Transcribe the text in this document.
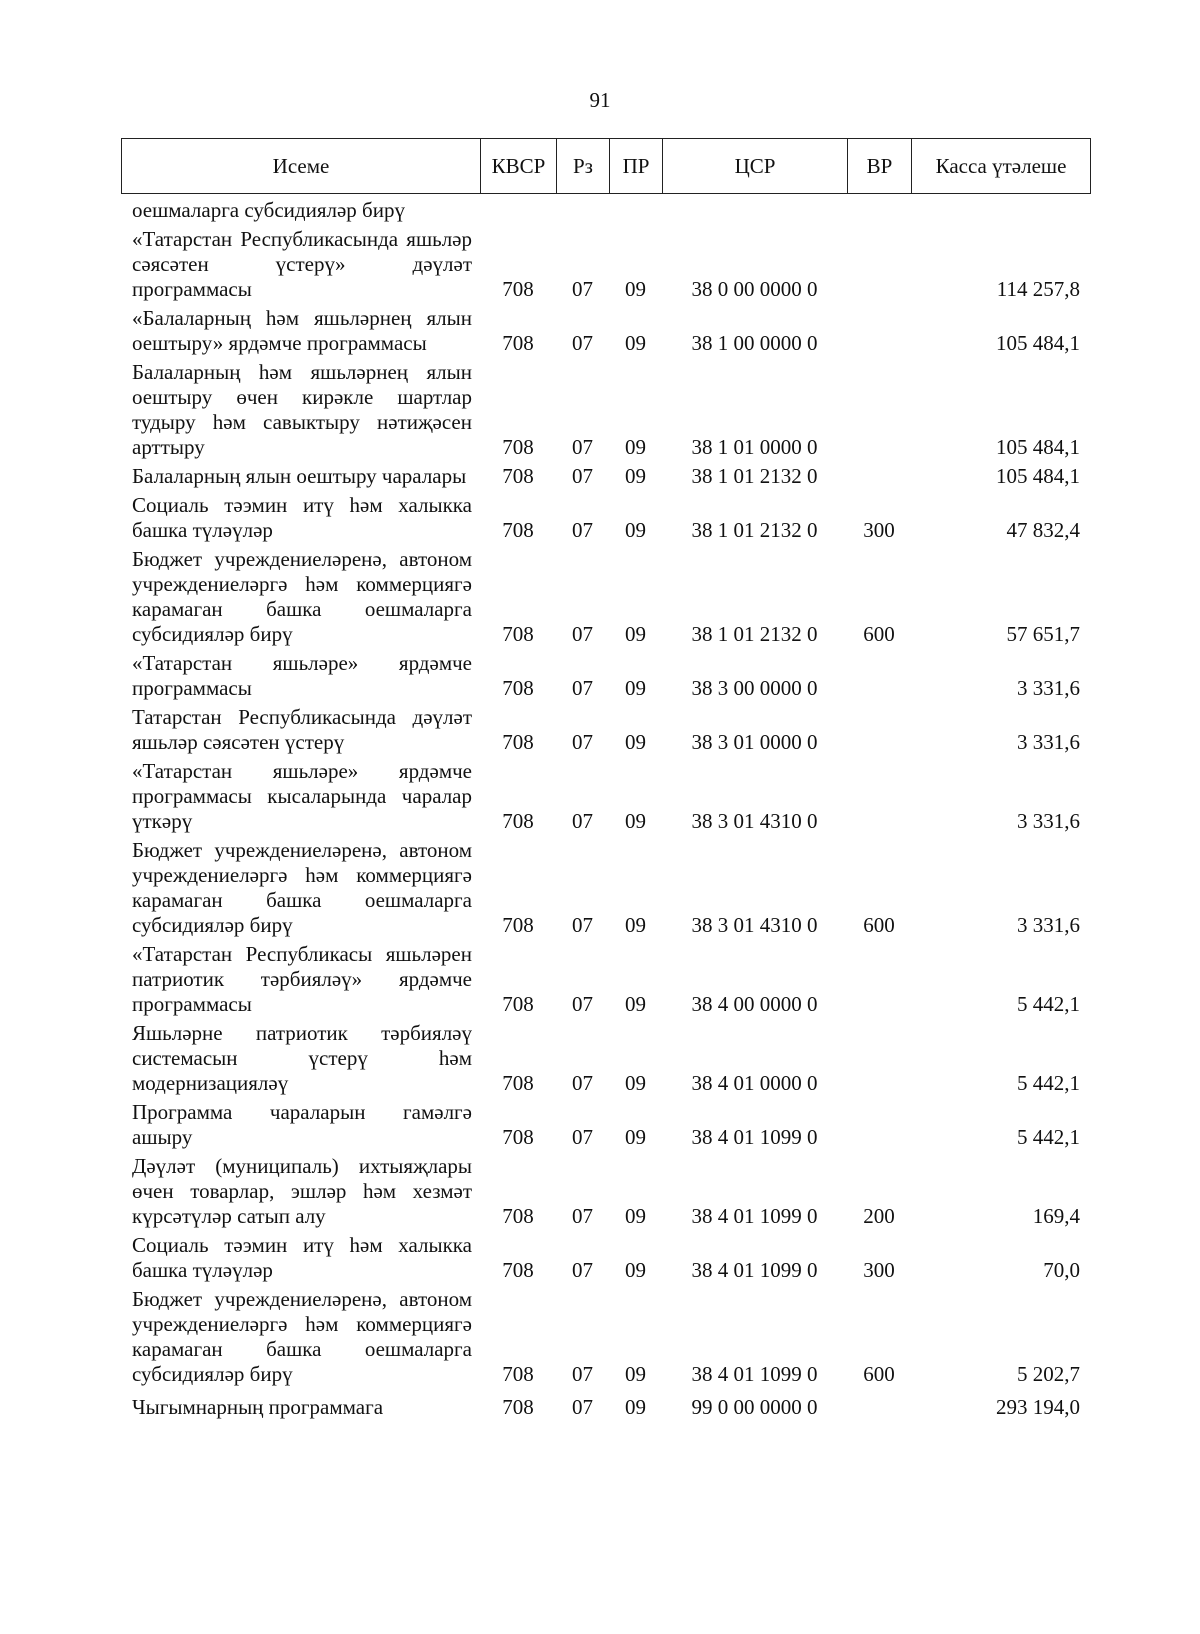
91
Исеме	КВСР	Рз	ПР	ЦСР	ВР	Касса үтәлеше
оешмаларга субсидияләр бирү						
«Татарстан Республикасында яшьләр сәясәтен үстерү» дәүләт программасы	708	07	09	38 0 00 0000 0		114 257,8
«Балаларның һәм яшьләрнең ялын оештыру» ярдәмче программасы	708	07	09	38 1 00 0000 0		105 484,1
Балаларның һәм яшьләрнең ялын оештыру өчен кирәкле шартлар тудыру һәм савыктыру нәтиҗәсен арттыру	708	07	09	38 1 01 0000 0		105 484,1
Балаларның ялын оештыру чаралары	708	07	09	38 1 01 2132 0		105 484,1
Социаль тәэмин итү һәм халыкка башка түләүләр	708	07	09	38 1 01 2132 0	300	47 832,4
Бюджет учреждениеләренә, автоном учреждениеләргә һәм коммерциягә карамаган башка оешмаларга субсидияләр бирү	708	07	09	38 1 01 2132 0	600	57 651,7
«Татарстан яшьләре» ярдәмче программасы	708	07	09	38 3 00 0000 0		3 331,6
Татарстан Республикасында дәүләт яшьләр сәясәтен үстерү	708	07	09	38 3 01 0000 0		3 331,6
«Татарстан яшьләре» ярдәмче программасы кысаларында чаралар үткәрү	708	07	09	38 3 01 4310 0		3 331,6
Бюджет учреждениеләренә, автоном учреждениеләргә һәм коммерциягә карамаган башка оешмаларга субсидияләр бирү	708	07	09	38 3 01 4310 0	600	3 331,6
«Татарстан Республикасы яшьләрен патриотик тәрбияләү» ярдәмче программасы	708	07	09	38 4 00 0000 0		5 442,1
Яшьләрне патриотик тәрбияләү системасын үстерү һәм модернизацияләү	708	07	09	38 4 01 0000 0		5 442,1
Программа чараларын гамәлгә ашыру	708	07	09	38 4 01 1099 0		5 442,1
Дәүләт (муниципаль) ихтыяҗлары өчен товарлар, эшләр һәм хезмәт күрсәтүләр сатып алу	708	07	09	38 4 01 1099 0	200	169,4
Социаль тәэмин итү һәм халыкка башка түләүләр	708	07	09	38 4 01 1099 0	300	70,0
Бюджет учреждениеләренә, автоном учреждениеләргә һәм коммерциягә карамаган башка оешмаларга субсидияләр бирү	708	07	09	38 4 01 1099 0	600	5 202,7
Чыгымнарның программага	708	07	09	99 0 00 0000 0		293 194,0
